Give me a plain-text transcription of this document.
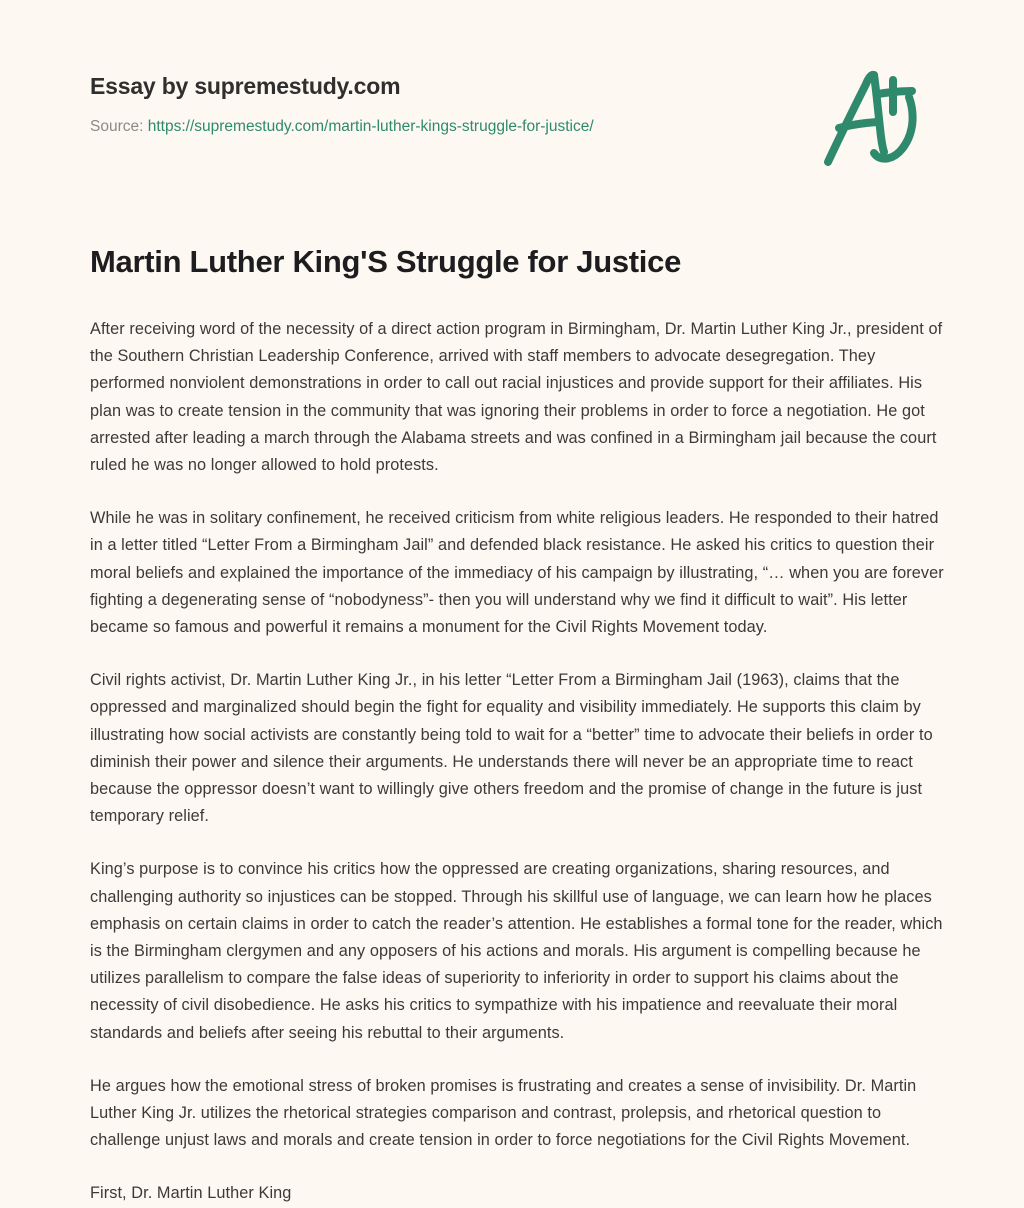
Essay by supremestudy.com
Source: https://supremestudy.com/martin-luther-kings-struggle-for-justice/
Martin Luther King'S Struggle for Justice

After receiving word of the necessity of a direct action program in Birmingham, Dr. Martin Luther King Jr., president of the Southern Christian Leadership Conference, arrived with staff members to advocate desegregation. They performed nonviolent demonstrations in order to call out racial injustices and provide support for their affiliates. His plan was to create tension in the community that was ignoring their problems in order to force a negotiation. He got arrested after leading a march through the Alabama streets and was confined in a Birmingham jail because the court ruled he was no longer allowed to hold protests.

While he was in solitary confinement, he received criticism from white religious leaders. He responded to their hatred in a letter titled “Letter From a Birmingham Jail” and defended black resistance. He asked his critics to question their moral beliefs and explained the importance of the immediacy of his campaign by illustrating, “… when you are forever fighting a degenerating sense of “nobodyness”- then you will understand why we find it difficult to wait”. His letter became so famous and powerful it remains a monument for the Civil Rights Movement today.

Civil rights activist, Dr. Martin Luther King Jr., in his letter “Letter From a Birmingham Jail (1963), claims that the oppressed and marginalized should begin the fight for equality and visibility immediately. He supports this claim by illustrating how social activists are constantly being told to wait for a “better” time to advocate their beliefs in order to diminish their power and silence their arguments. He understands there will never be an appropriate time to react because the oppressor doesn’t want to willingly give others freedom and the promise of change in the future is just temporary relief.

King’s purpose is to convince his critics how the oppressed are creating organizations, sharing resources, and challenging authority so injustices can be stopped. Through his skillful use of language, we can learn how he places emphasis on certain claims in order to catch the reader’s attention. He establishes a formal tone for the reader, which is the Birmingham clergymen and any opposers of his actions and morals. His argument is compelling because he utilizes parallelism to compare the false ideas of superiority to inferiority in order to support his claims about the necessity of civil disobedience. He asks his critics to sympathize with his impatience and reevaluate their moral standards and beliefs after seeing his rebuttal to their arguments.

He argues how the emotional stress of broken promises is frustrating and creates a sense of invisibility. Dr. Martin Luther King Jr. utilizes the rhetorical strategies comparison and contrast, prolepsis, and rhetorical question to challenge unjust laws and morals and create tension in order to force negotiations for the Civil Rights Movement.

First, Dr. Martin Luther King
